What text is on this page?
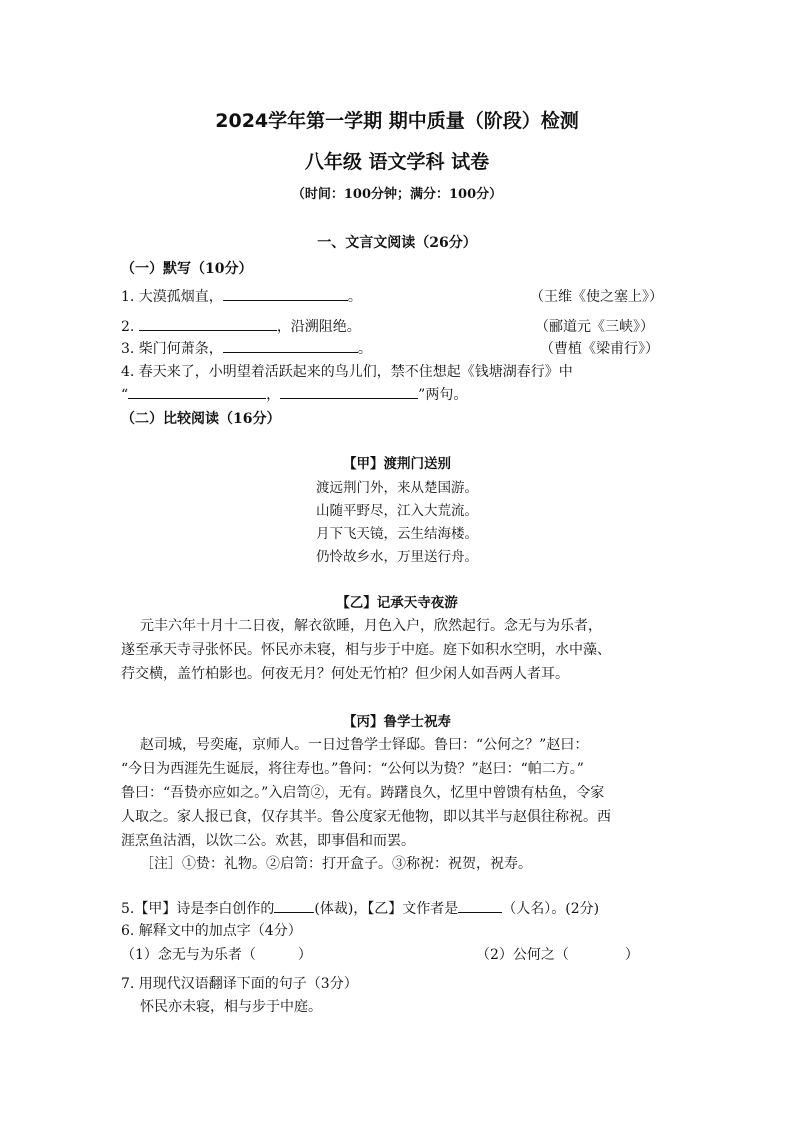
2024学年第一学期 期中质量（阶段）检测
八年级 语文学科 试卷
（时间：100分钟；满分：100分）
一、文言文阅读（26分）
（一）默写（10分）
1. 大漠孤烟直，	。	（王维《使之塞上》）
2.	，沿溯阻绝。	（郦道元《三峡》）
3. 柴门何萧条，	。	（曹植《梁甫行》）
4. 春天来了，小明望着活跃起来的鸟儿们，禁不住想起《钱塘湖春行》中
“	，	”两句。
（二）比较阅读（16分）
【甲】渡荆门送别
渡远荆门外，来从楚国游。
山随平野尽，江入大荒流。
月下飞天镜，云生结海楼。
仍怜故乡水，万里送行舟。
【乙】记承天寺夜游
元丰六年十月十二日夜，解衣欲睡，月色入户，欣然起行。念无与为乐者，
遂至承天寺寻张怀民。怀民亦未寝，相与步于中庭。庭下如积水空明，水中藻、
荇交横，盖竹柏影也。何夜无月？何处无竹柏？但少闲人如吾两人者耳。
【丙】鲁学士祝寿
赵司城，号奕庵，京师人。一日过鲁学士铎邸。鲁曰：“公何之？”赵曰：
“今日为西涯先生诞辰，将往寿也。”鲁问：“公何以为贽？”赵曰：“帕二方。”
鲁曰：“吾贽亦应如之。”入启笥②，无有。踌躇良久，忆里中曾馈有枯鱼，令家
人取之。家人报已食，仅存其半。鲁公度家无他物，即以其半与赵俱往称祝。西
涯烹鱼沽酒，以饮二公。欢甚，即事倡和而罢。
［注］①贽：礼物。②启笥：打开盒子。③称祝：祝贺，祝寿。
5.【甲】诗是李白创作的	(体裁)，【乙】文作者是	（人名）。(2分)
6. 解释文中的加点字（4分）
（1）念无与为乐者（　　　）	（2）公何之（　　　　）
7. 用现代汉语翻译下面的句子（3分）
怀民亦未寝，相与步于中庭。
